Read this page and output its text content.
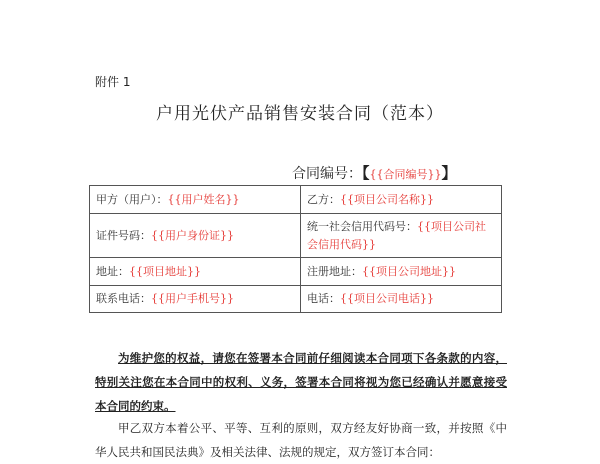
附件 1
户用光伏产品销售安装合同（范本）
合同编号：【{{合同编号}}】
甲方（用户）：{{用户姓名}}	乙方：{{项目公司名称}}
证件号码：{{用户身份证}}	统一社会信用代码号：{{项目公司社会信用代码}}
地址：{{项目地址}}	注册地址：{{项目公司地址}}
联系电话：{{用户手机号}}	电话：{{项目公司电话}}
为维护您的权益，请您在签署本合同前仔细阅读本合同项下各条款的内容，特别关注您在本合同中的权利、义务，签署本合同将视为您已经确认并愿意接受本合同的约束。
甲乙双方本着公平、平等、互利的原则，双方经友好协商一致，并按照《中华人民共和国民法典》及相关法律、法规的规定，双方签订本合同：
